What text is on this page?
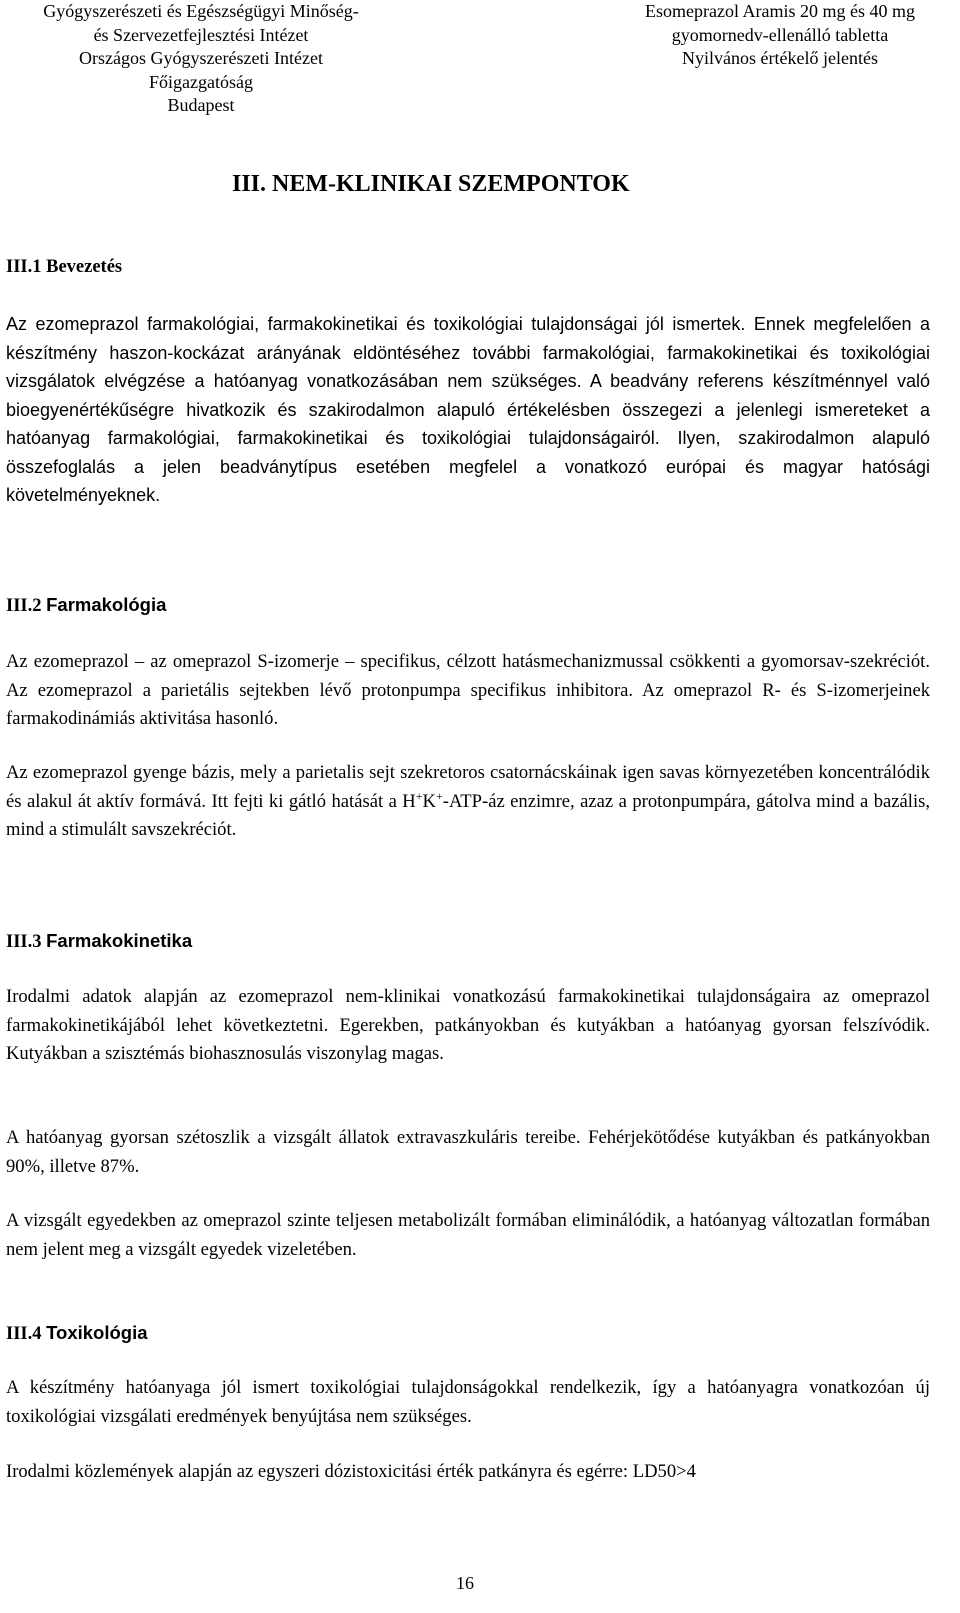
Gyógyszerészeti és Egészségügyi Minőség-
és Szervezetfejlesztési Intézet
Országos Gyógyszerészeti Intézet
Főigazgatóság
Budapest
Esomeprazol Aramis 20 mg és 40 mg
gyomornedv-ellenálló tabletta
Nyilvános értékelő jelentés
III. NEM-KLINIKAI SZEMPONTOK
III.1 Bevezetés
Az ezomeprazol farmakológiai, farmakokinetikai és toxikológiai tulajdonságai jól ismertek. Ennek megfelelően a készítmény haszon-kockázat arányának eldöntéséhez további farmakológiai, farmakokinetikai és toxikológiai vizsgálatok elvégzése a hatóanyag vonatkozásában nem szükséges. A beadvány referens készítménnyel való bioegyenértékűségre hivatkozik és szakirodalmon alapuló értékelésben összegezi a jelenlegi ismereteket a hatóanyag farmakológiai, farmakokinetikai és toxikológiai tulajdonságairól. Ilyen, szakirodalmon alapuló összefoglalás a jelen beadványtípus esetében megfelel a vonatkozó európai és magyar hatósági követelményeknek.
III.2 Farmakológia
Az ezomeprazol – az omeprazol S-izomerje – specifikus, célzott hatásmechanizmussal csökkenti a gyomorsav-szekréciót. Az ezomeprazol a parietális sejtekben lévő protonpumpa specifikus inhibitora. Az omeprazol R- és S-izomerjeinek farmakodinámiás aktivitása hasonló.
Az ezomeprazol gyenge bázis, mely a parietalis sejt szekretoros csatornácskáinak igen savas környezetében koncentrálódik és alakul át aktív formává. Itt fejti ki gátló hatását a H+K+-ATP-áz enzimre, azaz a protonpumpára, gátolva mind a bazális, mind a stimulált savszekréciót.
III.3 Farmakokinetika
Irodalmi adatok alapján az ezomeprazol nem-klinikai vonatkozású farmakokinetikai tulajdonságaira az omeprazol farmakokinetikájából lehet következtetni. Egerekben, patkányokban és kutyákban a hatóanyag gyorsan felszívódik. Kutyákban a szisztémás biohasznosulás viszonylag magas.
A hatóanyag gyorsan szétoszlik a vizsgált állatok extravaszkuláris tereibe. Fehérjekötődése kutyákban és patkányokban 90%, illetve 87%.
A vizsgált egyedekben az omeprazol szinte teljesen metabolizált formában eliminálódik, a hatóanyag változatlan formában nem jelent meg a vizsgált egyedek vizeletében.
III.4 Toxikológia
A készítmény hatóanyaga jól ismert toxikológiai tulajdonságokkal rendelkezik, így a hatóanyagra vonatkozóan új toxikológiai vizsgálati eredmények benyújtása nem szükséges.
Irodalmi közlemények alapján az egyszeri dózistoxicitási érték patkányra és egérre: LD50>4
16
